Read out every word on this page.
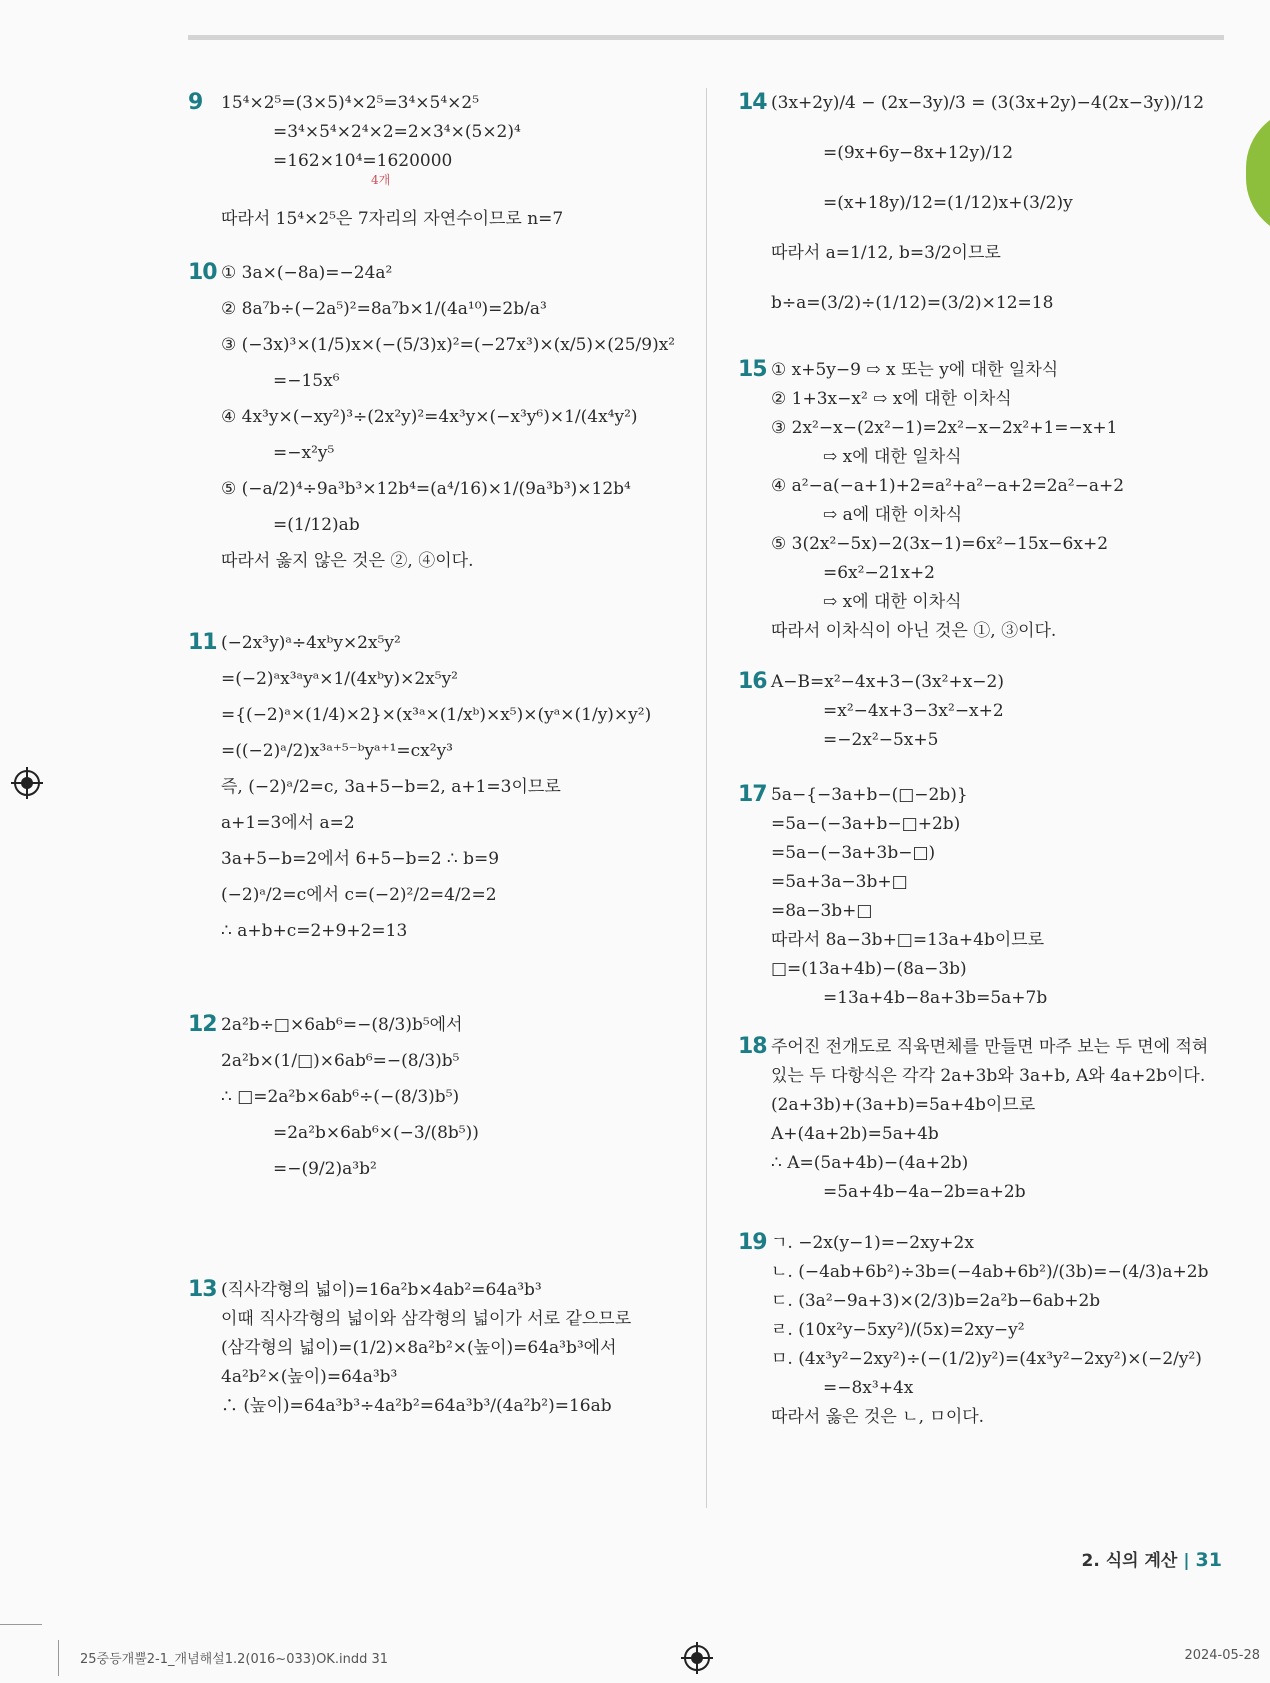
9 15⁴×2⁵=(3×5)⁴×2⁵=3⁴×5⁴×2⁵
=3⁴×5⁴×2⁴×2=2×3⁴×(5×2)⁴
=162×10⁴=1620000
4개
따라서 15⁴×2⁵은 7자리의 자연수이므로 n=7
10 ① 3a×(−8a)=−24a²
② 8a⁷b÷(−2a⁵)²=8a⁷b×1/(4a¹⁰)=2b/a³
③ (−3x)³×(1/5)x×(−(5/3)x)²=(−27x³)×(x/5)×(25/9)x²
=−15x⁶
④ 4x³y×(−xy²)³÷(2x²y)²=4x³y×(−x³y⁶)×1/(4x⁴y²)
=−x²y⁵
⑤ (−a/2)⁴÷9a³b³×12b⁴=(a⁴/16)×1/(9a³b³)×12b⁴
=(1/12)ab
따라서 옳지 않은 것은 ②, ④이다.
11 (−2x³y)ᵃ÷4xᵇy×2x⁵y²
=(−2)ᵃx³ᵃyᵃ×1/(4xᵇy)×2x⁵y²
={(−2)ᵃ×(1/4)×2}×(x³ᵃ×(1/xᵇ)×x⁵)×(yᵃ×(1/y)×y²)
=((−2)ᵃ/2)x³ᵃ⁺⁵⁻ᵇyᵃ⁺¹=cx²y³
즉, (−2)ᵃ/2=c, 3a+5−b=2, a+1=3이므로
a+1=3에서 a=2
3a+5−b=2에서 6+5−b=2 ∴ b=9
(−2)ᵃ/2=c에서 c=(−2)²/2=4/2=2
∴ a+b+c=2+9+2=13
12 2a²b÷□×6ab⁶=−(8/3)b⁵에서
2a²b×(1/□)×6ab⁶=−(8/3)b⁵
∴ □=2a²b×6ab⁶÷(−(8/3)b⁵)
=2a²b×6ab⁶×(−3/(8b⁵))
=−(9/2)a³b²
13 (직사각형의 넓이)=16a²b×4ab²=64a³b³
이때 직사각형의 넓이와 삼각형의 넓이가 서로 같으므로
(삼각형의 넓이)=(1/2)×8a²b²×(높이)=64a³b³에서
4a²b²×(높이)=64a³b³
∴ (높이)=64a³b³÷4a²b²=64a³b³/(4a²b²)=16ab
14 (3x+2y)/4 − (2x−3y)/3 = (3(3x+2y)−4(2x−3y))/12
=(9x+6y−8x+12y)/12
=(x+18y)/12=(1/12)x+(3/2)y
따라서 a=1/12, b=3/2이므로
b÷a=(3/2)÷(1/12)=(3/2)×12=18
15 ① x+5y−9 ⇨ x 또는 y에 대한 일차식
② 1+3x−x² ⇨ x에 대한 이차식
③ 2x²−x−(2x²−1)=2x²−x−2x²+1=−x+1
⇨ x에 대한 일차식
④ a²−a(−a+1)+2=a²+a²−a+2=2a²−a+2
⇨ a에 대한 이차식
⑤ 3(2x²−5x)−2(3x−1)=6x²−15x−6x+2
=6x²−21x+2
⇨ x에 대한 이차식
따라서 이차식이 아닌 것은 ①, ③이다.
16 A−B=x²−4x+3−(3x²+x−2)
=x²−4x+3−3x²−x+2
=−2x²−5x+5
17 5a−{−3a+b−(□−2b)}
=5a−(−3a+b−□+2b)
=5a−(−3a+3b−□)
=5a+3a−3b+□
=8a−3b+□
따라서 8a−3b+□=13a+4b이므로
□=(13a+4b)−(8a−3b)
=13a+4b−8a+3b=5a+7b
18 주어진 전개도로 직육면체를 만들면 마주 보는 두 면에 적혀
있는 두 다항식은 각각 2a+3b와 3a+b, A와 4a+2b이다.
(2a+3b)+(3a+b)=5a+4b이므로
A+(4a+2b)=5a+4b
∴ A=(5a+4b)−(4a+2b)
=5a+4b−4a−2b=a+2b
19 ㄱ. −2x(y−1)=−2xy+2x
ㄴ. (−4ab+6b²)÷3b=(−4ab+6b²)/(3b)=−(4/3)a+2b
ㄷ. (3a²−9a+3)×(2/3)b=2a²b−6ab+2b
ㄹ. (10x²y−5xy²)/(5x)=2xy−y²
ㅁ. (4x³y²−2xy²)÷(−(1/2)y²)=(4x³y²−2xy²)×(−2/y²)
=−8x³+4x
따라서 옳은 것은 ㄴ, ㅁ이다.
2. 식의 계산 | 31
25중등개뿔2-1_개념해설1.2(016~033)OK.indd 31	2024-05-28
